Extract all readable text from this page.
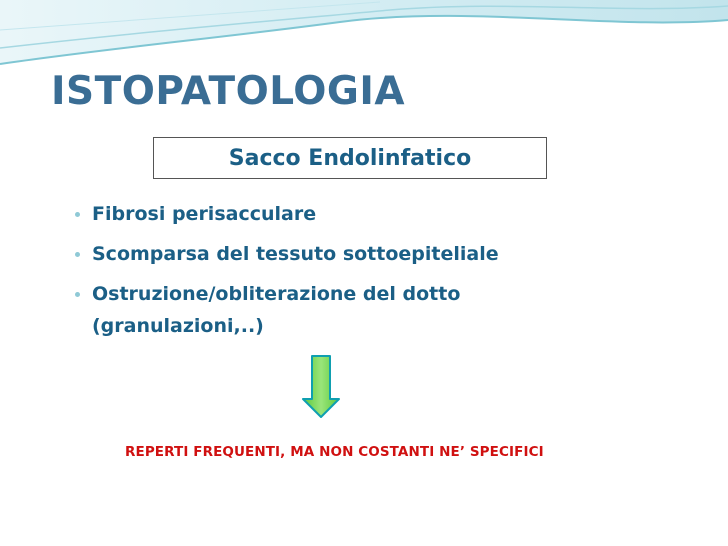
ISTOPATOLOGIA
Sacco Endolinfatico
Fibrosi perisacculare
Scomparsa del tessuto sottoepiteliale
Ostruzione/obliterazione del dotto (granulazioni,..)

REPERTI FREQUENTI, MA NON COSTANTI NE’ SPECIFICI
